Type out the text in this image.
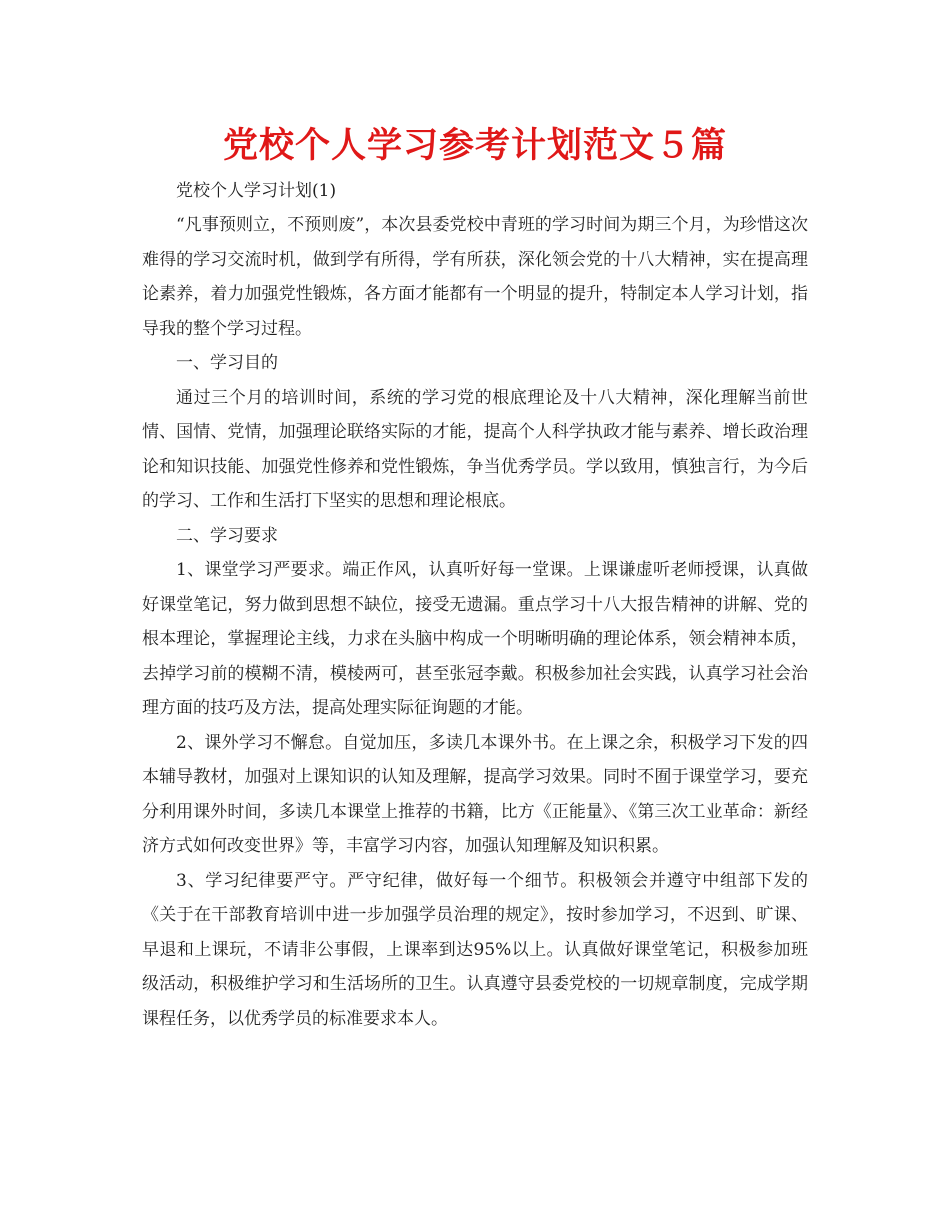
党校个人学习参考计划范文５篇

党校个人学习计划(1)

“凡事预则立，不预则废”，本次县委党校中青班的学习时间为期三个月，为珍惜这次难得的学习交流时机，做到学有所得，学有所获，深化领会党的十八大精神，实在提高理论素养，着力加强党性锻炼，各方面才能都有一个明显的提升，特制定本人学习计划，指导我的整个学习过程。

一、学习目的

通过三个月的培训时间，系统的学习党的根底理论及十八大精神，深化理解当前世情、国情、党情，加强理论联络实际的才能，提高个人科学执政才能与素养、增长政治理论和知识技能、加强党性修养和党性锻炼，争当优秀学员。学以致用，慎独言行，为今后的学习、工作和生活打下坚实的思想和理论根底。

二、学习要求

1、课堂学习严要求。端正作风，认真听好每一堂课。上课谦虚听老师授课，认真做好课堂笔记，努力做到思想不缺位，接受无遗漏。重点学习十八大报告精神的讲解、党的根本理论，掌握理论主线，力求在头脑中构成一个明晰明确的理论体系，领会精神本质，去掉学习前的模糊不清，模棱两可，甚至张冠李戴。积极参加社会实践，认真学习社会治理方面的技巧及方法，提高处理实际征询题的才能。

2、课外学习不懈怠。自觉加压，多读几本课外书。在上课之余，积极学习下发的四本辅导教材，加强对上课知识的认知及理解，提高学习效果。同时不囿于课堂学习，要充分利用课外时间，多读几本课堂上推荐的书籍，比方《正能量》、《第三次工业革命：新经济方式如何改变世界》等，丰富学习内容，加强认知理解及知识积累。

3、学习纪律要严守。严守纪律，做好每一个细节。积极领会并遵守中组部下发的《关于在干部教育培训中进一步加强学员治理的规定》，按时参加学习，不迟到、旷课、早退和上课玩，不请非公事假，上课率到达95%以上。认真做好课堂笔记，积极参加班级活动，积极维护学习和生活场所的卫生。认真遵守县委党校的一切规章制度，完成学期课程任务，以优秀学员的标准要求本人。
